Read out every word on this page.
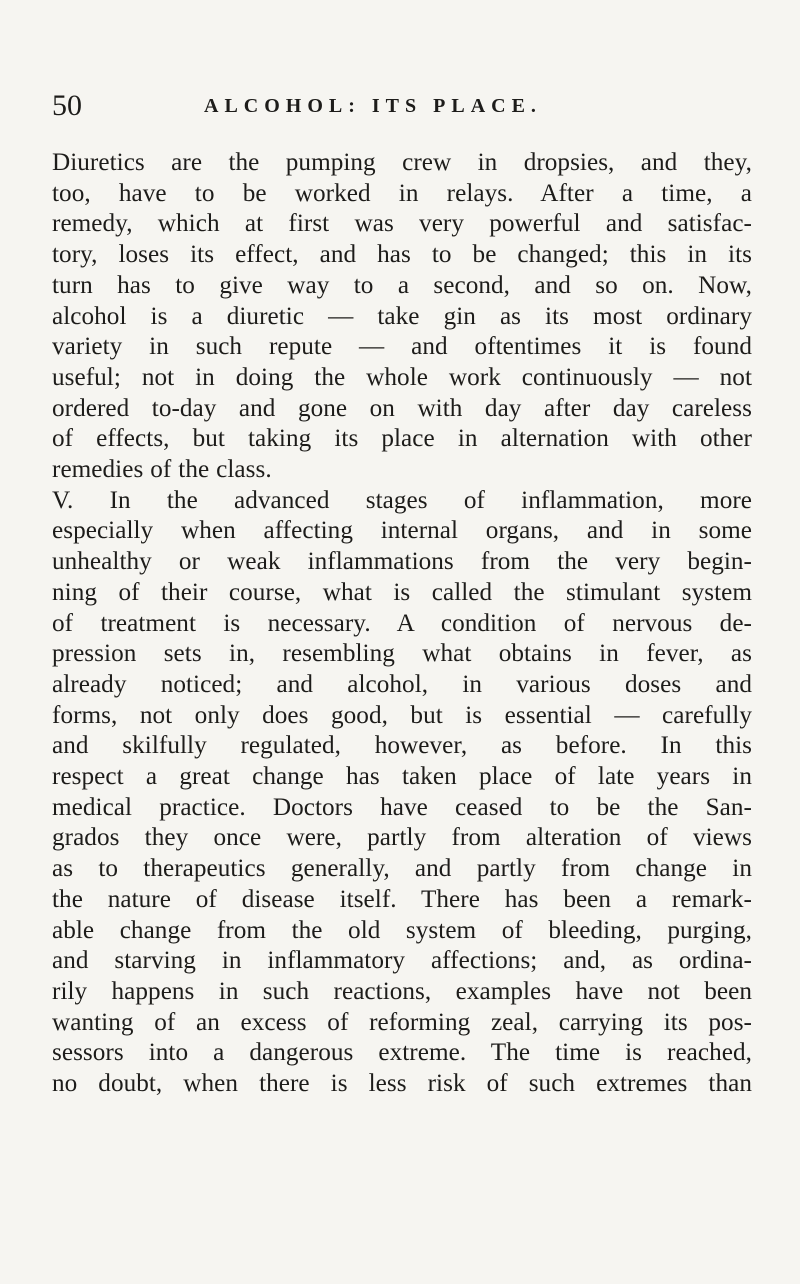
50	ALCOHOL: ITS PLACE.
Diuretics are the pumping crew in dropsies, and they,
too, have to be worked in relays. After a time, a
remedy, which at first was very powerful and satisfac-
tory, loses its effect, and has to be changed; this in its
turn has to give way to a second, and so on. Now,
alcohol is a diuretic — take gin as its most ordinary
variety in such repute — and oftentimes it is found
useful; not in doing the whole work continuously — not
ordered to-day and gone on with day after day careless
of effects, but taking its place in alternation with other
remedies of the class.
V. In the advanced stages of inflammation, more
especially when affecting internal organs, and in some
unhealthy or weak inflammations from the very begin-
ning of their course, what is called the stimulant system
of treatment is necessary. A condition of nervous de-
pression sets in, resembling what obtains in fever, as
already noticed; and alcohol, in various doses and
forms, not only does good, but is essential — carefully
and skilfully regulated, however, as before. In this
respect a great change has taken place of late years in
medical practice. Doctors have ceased to be the San-
grados they once were, partly from alteration of views
as to therapeutics generally, and partly from change in
the nature of disease itself. There has been a remark-
able change from the old system of bleeding, purging,
and starving in inflammatory affections; and, as ordina-
rily happens in such reactions, examples have not been
wanting of an excess of reforming zeal, carrying its pos-
sessors into a dangerous extreme. The time is reached,
no doubt, when there is less risk of such extremes than
